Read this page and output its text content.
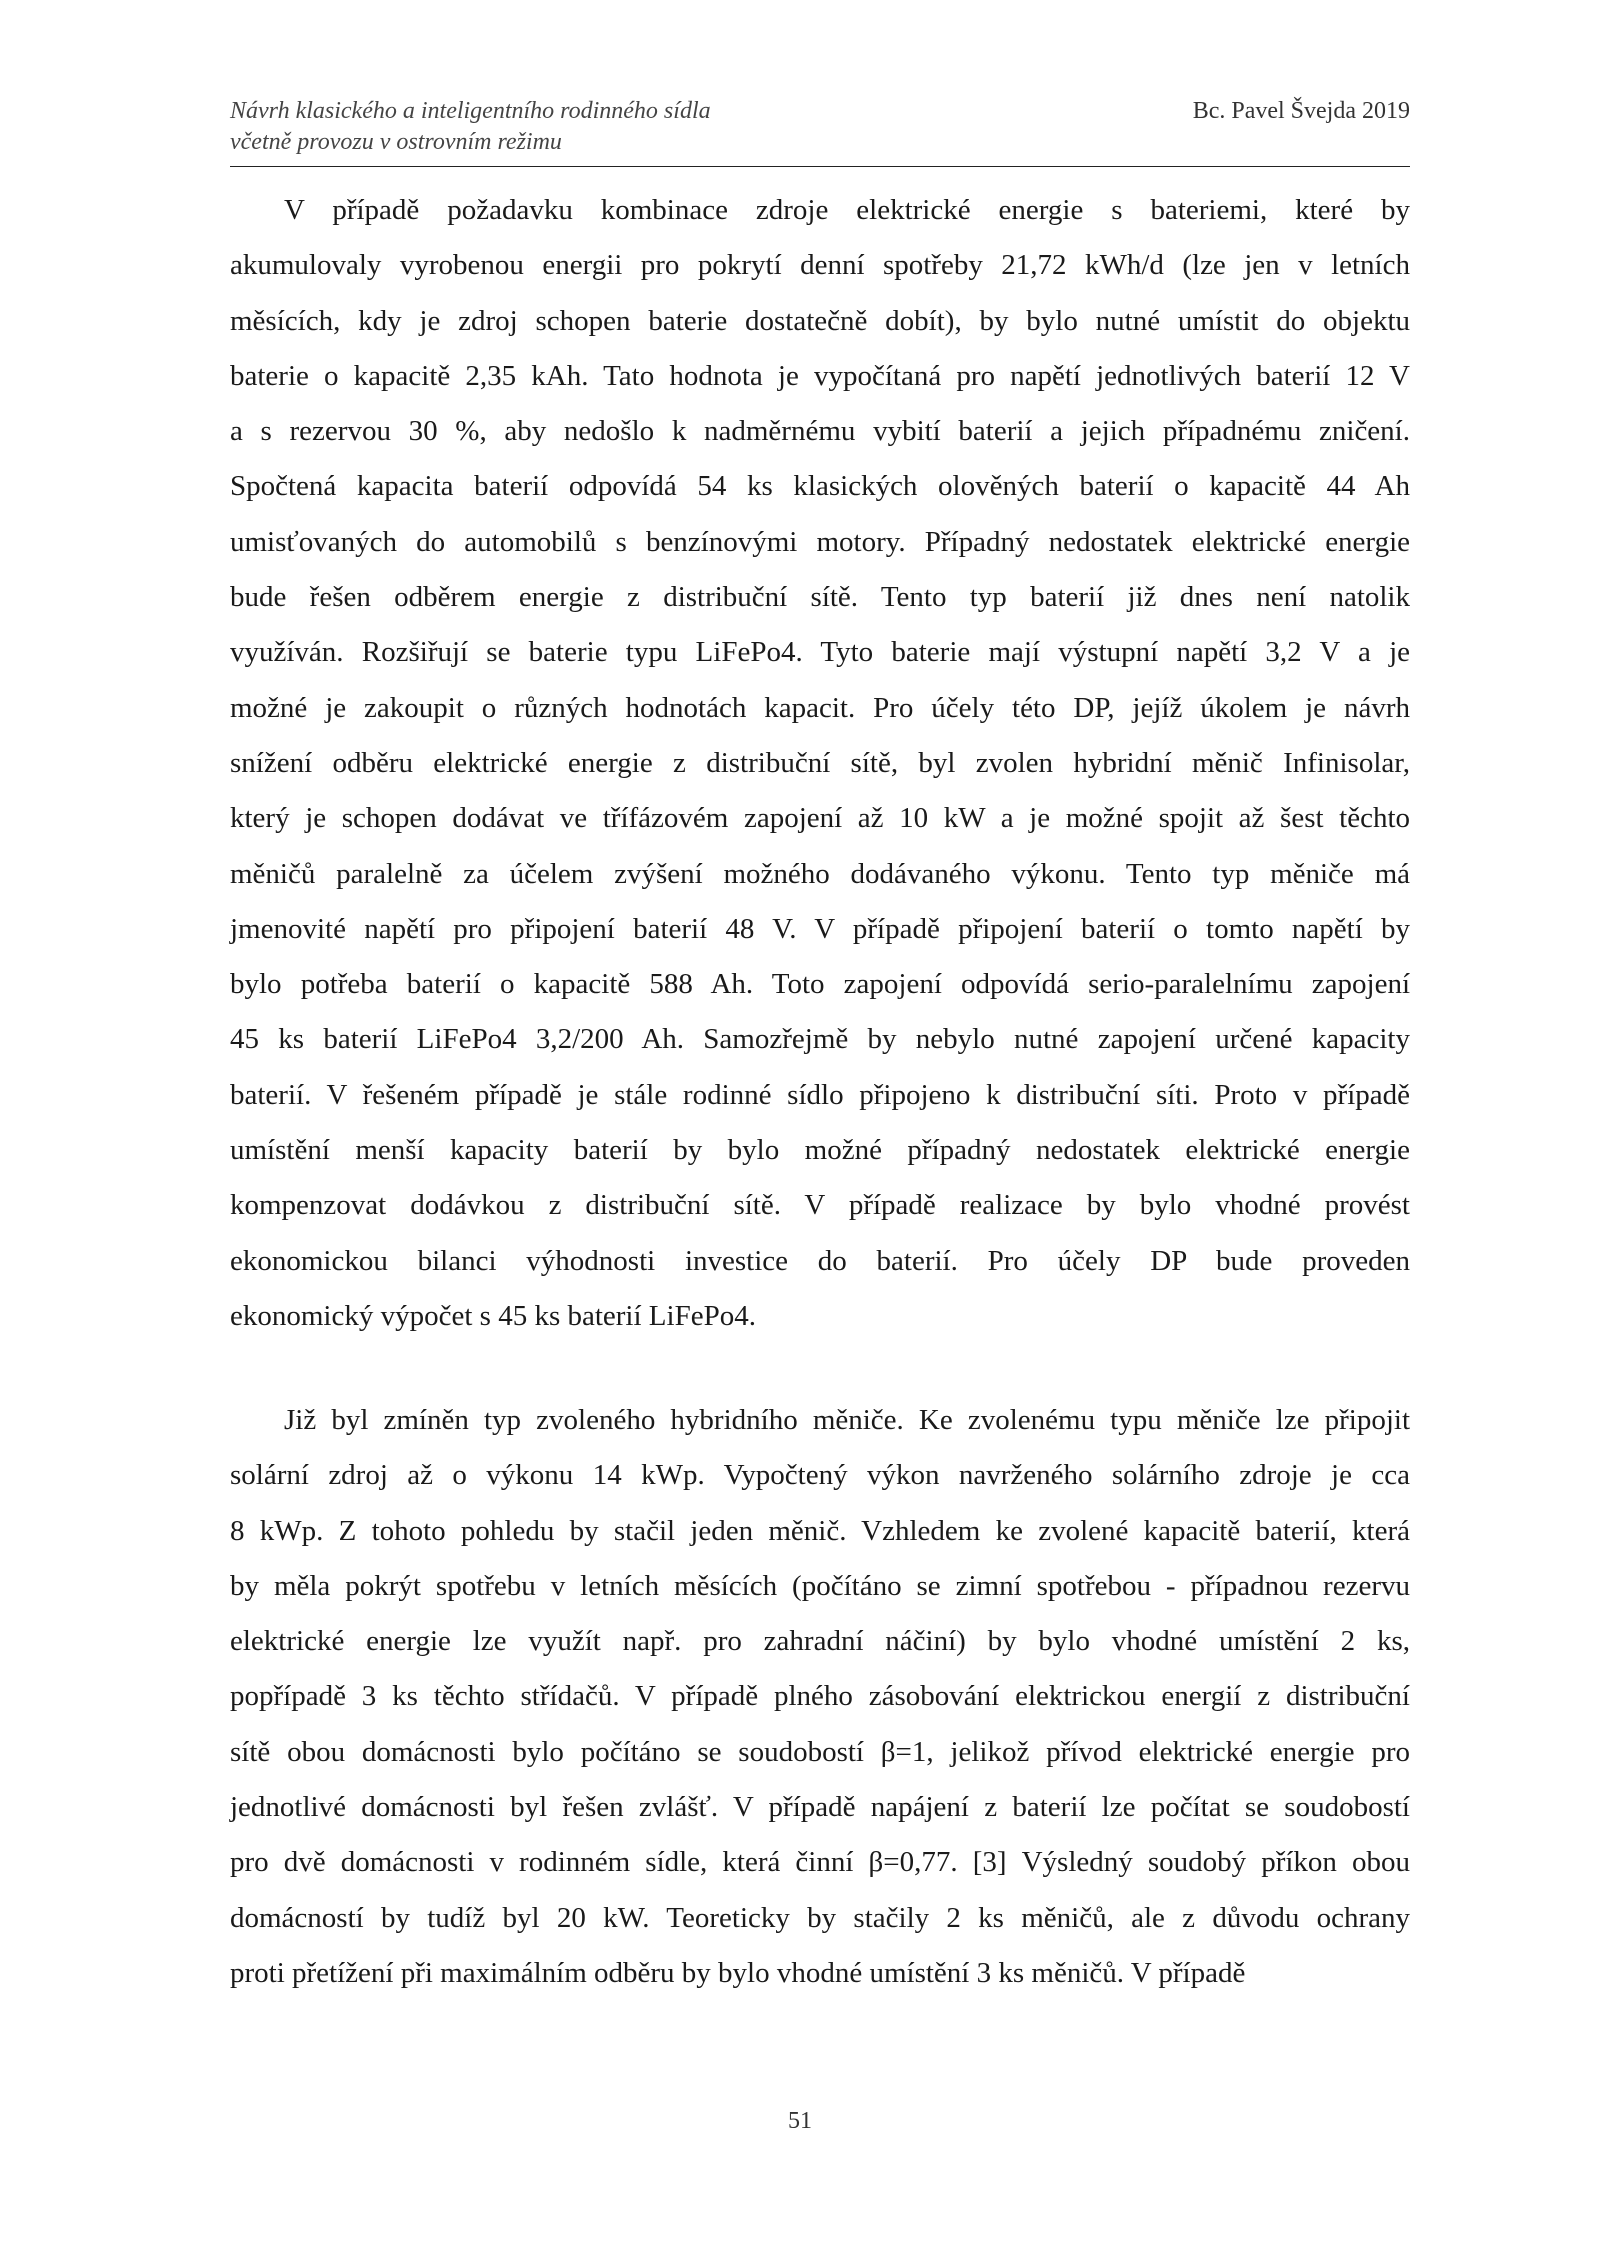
Návrh klasického a inteligentního rodinného sídla
včetně provozu v ostrovním režimu
Bc. Pavel Švejda 2019
V případě požadavku kombinace zdroje elektrické energie s bateriemi, které by
akumulovaly vyrobenou energii pro pokrytí denní spotřeby 21,72 kWh/d (lze jen v letních
měsících, kdy je zdroj schopen baterie dostatečně dobít), by bylo nutné umístit do objektu
baterie o kapacitě 2,35 kAh. Tato hodnota je vypočítaná pro napětí jednotlivých baterií 12 V
a s rezervou 30 %, aby nedošlo k nadměrnému vybití baterií a jejich případnému zničení.
Spočtená kapacita baterií odpovídá 54 ks klasických olověných baterií o kapacitě 44 Ah
umisťovaných do automobilů s benzínovými motory. Případný nedostatek elektrické energie
bude řešen odběrem energie z distribuční sítě. Tento typ baterií již dnes není natolik
využíván. Rozšiřují se baterie typu LiFePo4. Tyto baterie mají výstupní napětí 3,2 V a je
možné je zakoupit o různých hodnotách kapacit. Pro účely této DP, jejíž úkolem je návrh
snížení odběru elektrické energie z distribuční sítě, byl zvolen hybridní měnič Infinisolar,
který je schopen dodávat ve třífázovém zapojení až 10 kW a je možné spojit až šest těchto
měničů paralelně za účelem zvýšení možného dodávaného výkonu. Tento typ měniče má
jmenovité napětí pro připojení baterií 48 V. V případě připojení baterií o tomto napětí by
bylo potřeba baterií o kapacitě 588 Ah. Toto zapojení odpovídá serio-paralelnímu zapojení
45 ks baterií LiFePo4 3,2/200 Ah. Samozřejmě by nebylo nutné zapojení určené kapacity
baterií. V řešeném případě je stále rodinné sídlo připojeno k distribuční síti. Proto v případě
umístění menší kapacity baterií by bylo možné případný nedostatek elektrické energie
kompenzovat dodávkou z distribuční sítě. V případě realizace by bylo vhodné provést
ekonomickou bilanci výhodnosti investice do baterií. Pro účely DP bude proveden
ekonomický výpočet s 45 ks baterií LiFePo4.
Již byl zmíněn typ zvoleného hybridního měniče. Ke zvolenému typu měniče lze připojit
solární zdroj až o výkonu 14 kWp. Vypočtený výkon navrženého solárního zdroje je cca
8 kWp. Z tohoto pohledu by stačil jeden měnič. Vzhledem ke zvolené kapacitě baterií, která
by měla pokrýt spotřebu v letních měsících (počítáno se zimní spotřebou - případnou rezervu
elektrické energie lze využít např. pro zahradní náčiní) by bylo vhodné umístění 2 ks,
popřípadě 3 ks těchto střídačů. V případě plného zásobování elektrickou energií z distribuční
sítě obou domácnosti bylo počítáno se soudobostí β=1, jelikož přívod elektrické energie pro
jednotlivé domácnosti byl řešen zvlášť. V případě napájení z baterií lze počítat se soudobostí
pro dvě domácnosti v rodinném sídle, která činní β=0,77. [3] Výsledný soudobý příkon obou
domácností by tudíž byl 20 kW. Teoreticky by stačily 2 ks měničů, ale z důvodu ochrany
proti přetížení při maximálním odběru by bylo vhodné umístění 3 ks měničů. V případě
51
